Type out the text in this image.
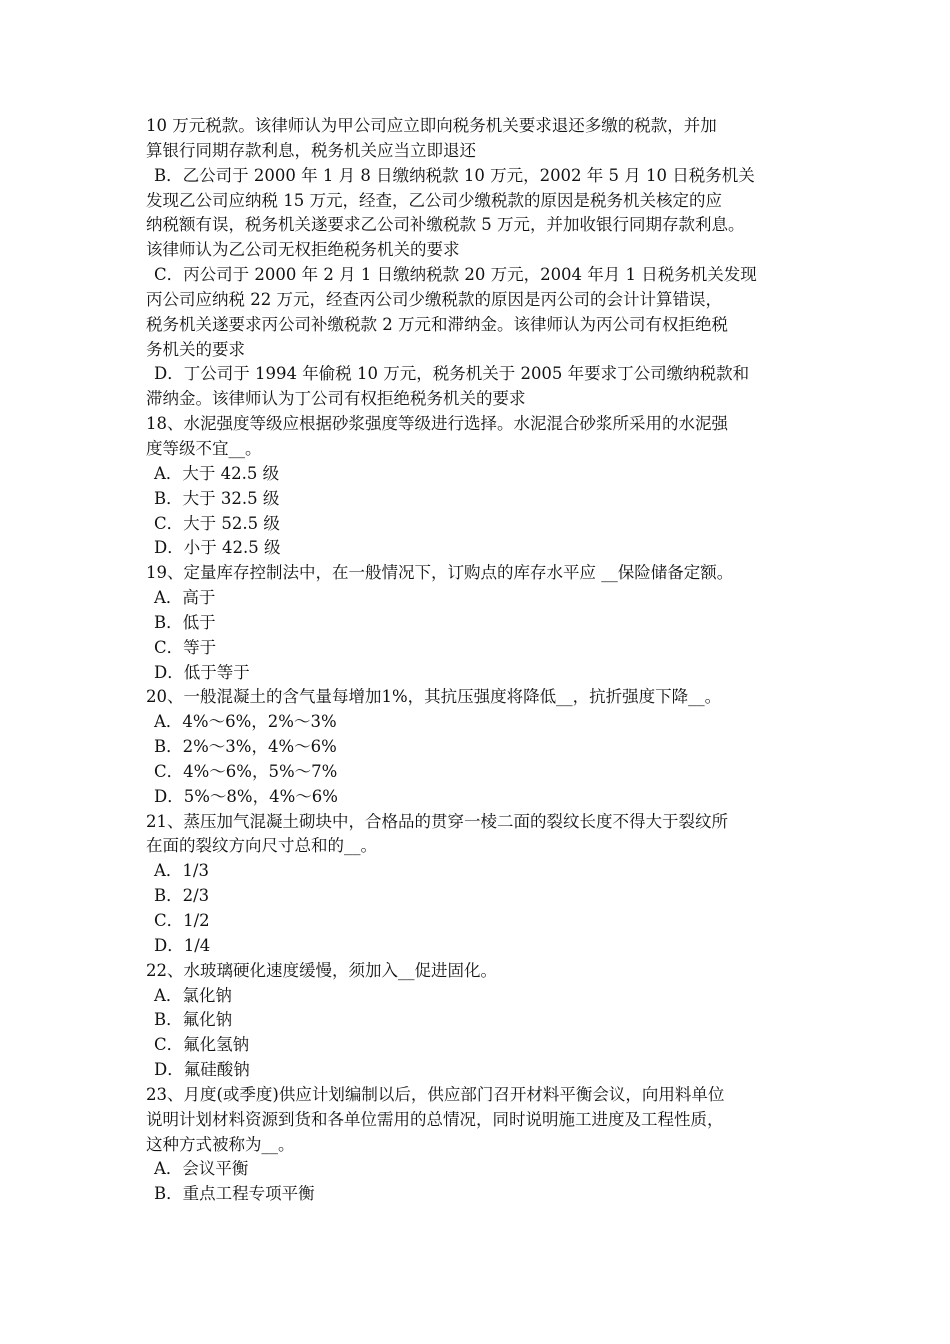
10 万元税款。该律师认为甲公司应立即向税务机关要求退还多缴的税款，并加
算银行同期存款利息，税务机关应当立即退还
B．乙公司于 2000 年 1 月 8 日缴纳税款 10 万元，2002 年 5 月 10 日税务机关
发现乙公司应纳税 15 万元，经查，乙公司少缴税款的原因是税务机关核定的应
纳税额有误，税务机关遂要求乙公司补缴税款 5 万元，并加收银行同期存款利息。
该律师认为乙公司无权拒绝税务机关的要求
C．丙公司于 2000 年 2 月 1 日缴纳税款 20 万元，2004 年月 1 日税务机关发现
丙公司应纳税 22 万元，经查丙公司少缴税款的原因是丙公司的会计计算错误，
税务机关遂要求丙公司补缴税款 2 万元和滞纳金。该律师认为丙公司有权拒绝税
务机关的要求
D．丁公司于 1994 年偷税 10 万元，税务机关于 2005 年要求丁公司缴纳税款和
滞纳金。该律师认为丁公司有权拒绝税务机关的要求
18、水泥强度等级应根据砂浆强度等级进行选择。水泥混合砂浆所采用的水泥强
度等级不宜__。
A．大于 42.5 级
B．大于 32.5 级
C．大于 52.5 级
D．小于 42.5 级
19、定量库存控制法中，在一般情况下，订购点的库存水平应 __保险储备定额。
A．高于
B．低于
C．等于
D．低于等于
20、一般混凝土的含气量每增加1%，其抗压强度将降低__，抗折强度下降__。
A．4%～6%，2%～3%
B．2%～3%，4%～6%
C．4%～6%，5%～7%
D．5%～8%，4%～6%
21、蒸压加气混凝土砌块中，合格品的贯穿一棱二面的裂纹长度不得大于裂纹所
在面的裂纹方向尺寸总和的__。
A．1/3
B．2/3
C．1/2
D．1/4
22、水玻璃硬化速度缓慢，须加入__促进固化。
A．氯化钠
B．氟化钠
C．氟化氢钠
D．氟硅酸钠
23、月度(或季度)供应计划编制以后，供应部门召开材料平衡会议，向用料单位
说明计划材料资源到货和各单位需用的总情况，同时说明施工进度及工程性质，
这种方式被称为__。
A．会议平衡
B．重点工程专项平衡
